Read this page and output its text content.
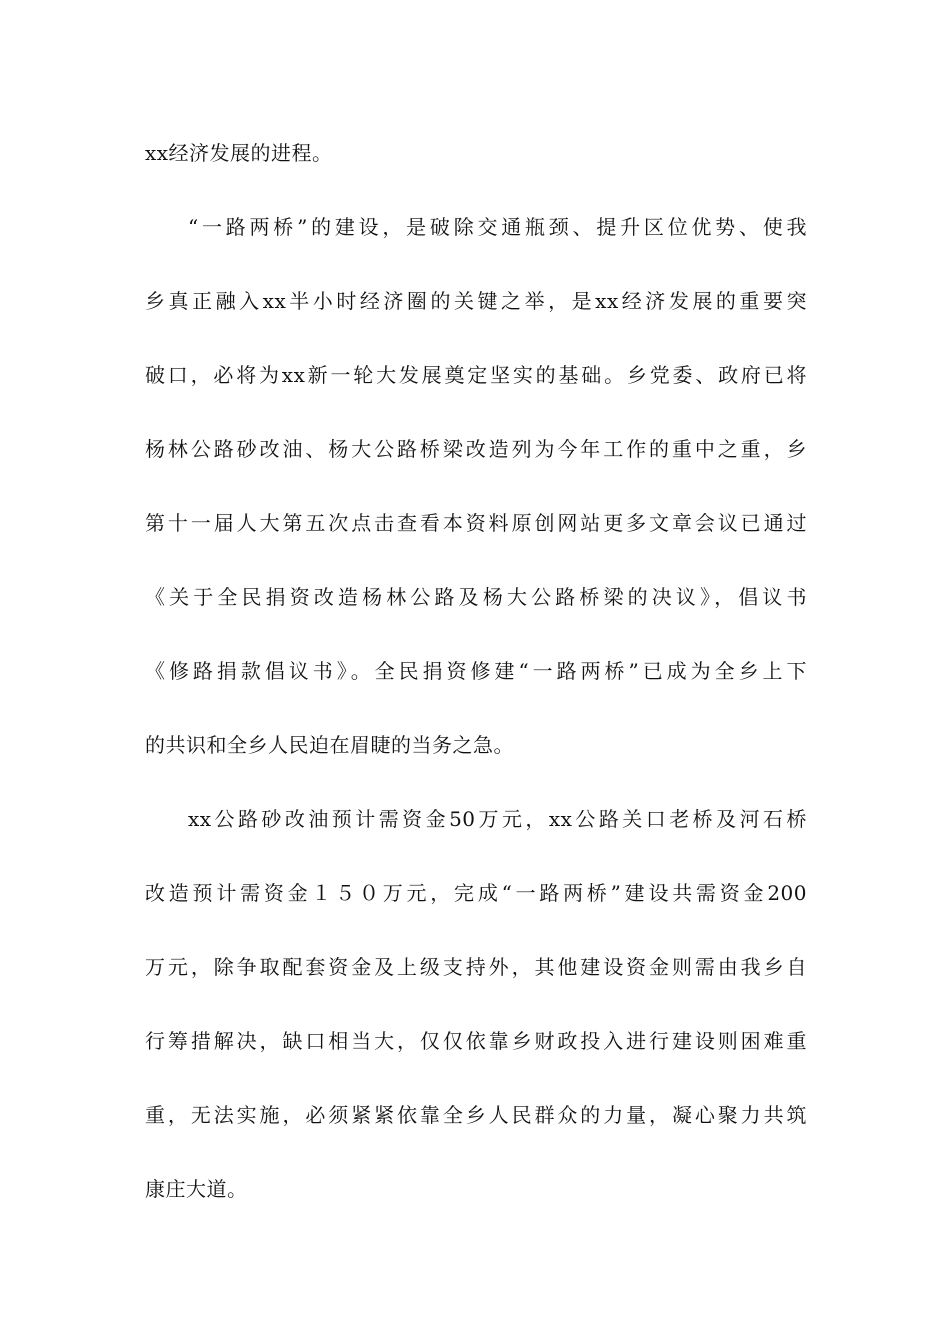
xx经济发展的进程。
“一路两桥”的建设，是破除交通瓶颈、提升区位优势、使我
乡真正融入xx半小时经济圈的关键之举，是xx经济发展的重要突
破口，必将为xx新一轮大发展奠定坚实的基础。乡党委、政府已将
杨林公路砂改油、杨大公路桥梁改造列为今年工作的重中之重，乡
第十一届人大第五次点击查看本资料原创网站更多文章会议已通过
《关于全民捐资改造杨林公路及杨大公路桥梁的决议》，倡议书
《修路捐款倡议书》。全民捐资修建“一路两桥”已成为全乡上下
的共识和全乡人民迫在眉睫的当务之急。
xx公路砂改油预计需资金50万元，xx公路关口老桥及河石桥
改造预计需资金１５０万元，完成“一路两桥”建设共需资金200
万元，除争取配套资金及上级支持外，其他建设资金则需由我乡自
行筹措解决，缺口相当大，仅仅依靠乡财政投入进行建设则困难重
重，无法实施，必须紧紧依靠全乡人民群众的力量，凝心聚力共筑
康庄大道。
